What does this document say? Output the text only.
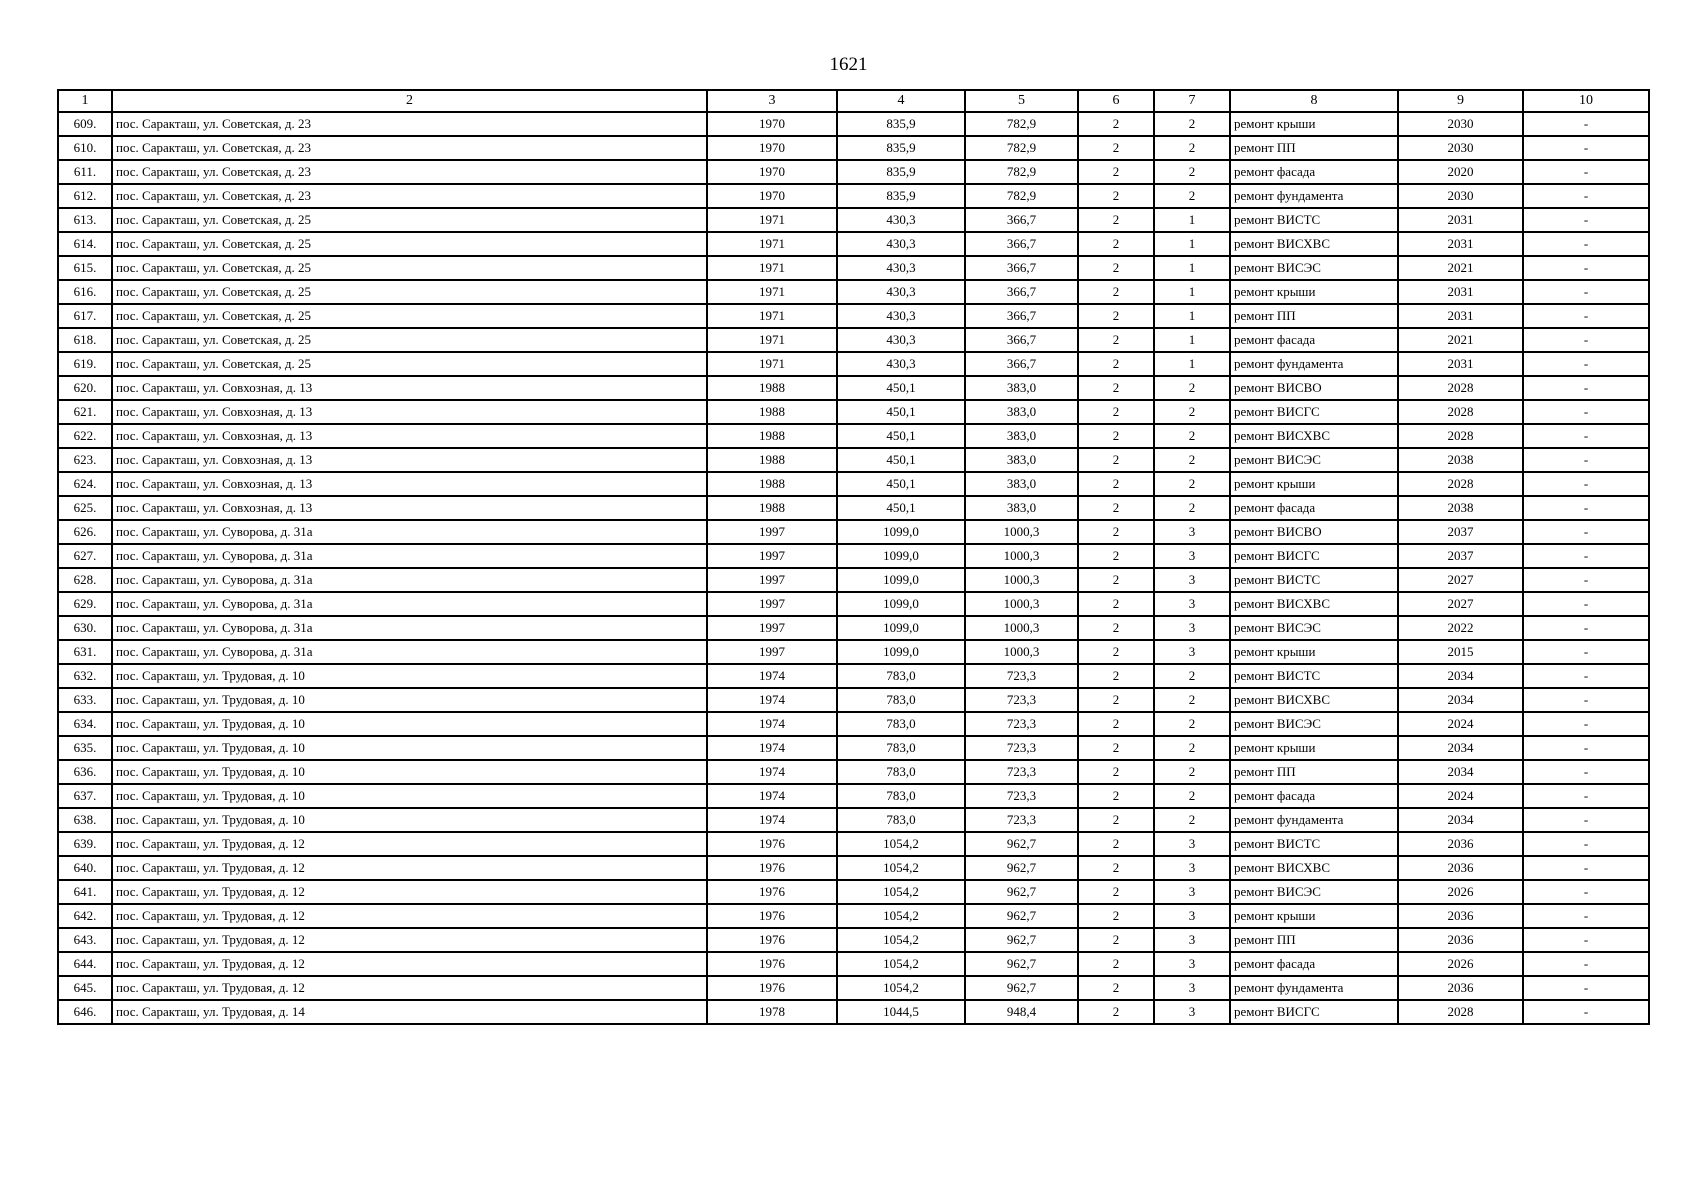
1621
1	2	3	4	5	6	7	8	9	10
609.	пос. Саракташ, ул. Советская, д. 23	1970	835,9	782,9	2	2	ремонт крыши	2030	-
610.	пос. Саракташ, ул. Советская, д. 23	1970	835,9	782,9	2	2	ремонт ПП	2030	-
611.	пос. Саракташ, ул. Советская, д. 23	1970	835,9	782,9	2	2	ремонт фасада	2020	-
612.	пос. Саракташ, ул. Советская, д. 23	1970	835,9	782,9	2	2	ремонт фундамента	2030	-
613.	пос. Саракташ, ул. Советская, д. 25	1971	430,3	366,7	2	1	ремонт ВИСТС	2031	-
614.	пос. Саракташ, ул. Советская, д. 25	1971	430,3	366,7	2	1	ремонт ВИСХВС	2031	-
615.	пос. Саракташ, ул. Советская, д. 25	1971	430,3	366,7	2	1	ремонт ВИСЭС	2021	-
616.	пос. Саракташ, ул. Советская, д. 25	1971	430,3	366,7	2	1	ремонт крыши	2031	-
617.	пос. Саракташ, ул. Советская, д. 25	1971	430,3	366,7	2	1	ремонт ПП	2031	-
618.	пос. Саракташ, ул. Советская, д. 25	1971	430,3	366,7	2	1	ремонт фасада	2021	-
619.	пос. Саракташ, ул. Советская, д. 25	1971	430,3	366,7	2	1	ремонт фундамента	2031	-
620.	пос. Саракташ, ул. Совхозная, д. 13	1988	450,1	383,0	2	2	ремонт ВИСВО	2028	-
621.	пос. Саракташ, ул. Совхозная, д. 13	1988	450,1	383,0	2	2	ремонт ВИСГС	2028	-
622.	пос. Саракташ, ул. Совхозная, д. 13	1988	450,1	383,0	2	2	ремонт ВИСХВС	2028	-
623.	пос. Саракташ, ул. Совхозная, д. 13	1988	450,1	383,0	2	2	ремонт ВИСЭС	2038	-
624.	пос. Саракташ, ул. Совхозная, д. 13	1988	450,1	383,0	2	2	ремонт крыши	2028	-
625.	пос. Саракташ, ул. Совхозная, д. 13	1988	450,1	383,0	2	2	ремонт фасада	2038	-
626.	пос. Саракташ, ул. Суворова, д. 31а	1997	1099,0	1000,3	2	3	ремонт ВИСВО	2037	-
627.	пос. Саракташ, ул. Суворова, д. 31а	1997	1099,0	1000,3	2	3	ремонт ВИСГС	2037	-
628.	пос. Саракташ, ул. Суворова, д. 31а	1997	1099,0	1000,3	2	3	ремонт ВИСТС	2027	-
629.	пос. Саракташ, ул. Суворова, д. 31а	1997	1099,0	1000,3	2	3	ремонт ВИСХВС	2027	-
630.	пос. Саракташ, ул. Суворова, д. 31а	1997	1099,0	1000,3	2	3	ремонт ВИСЭС	2022	-
631.	пос. Саракташ, ул. Суворова, д. 31а	1997	1099,0	1000,3	2	3	ремонт крыши	2015	-
632.	пос. Саракташ, ул. Трудовая, д. 10	1974	783,0	723,3	2	2	ремонт ВИСТС	2034	-
633.	пос. Саракташ, ул. Трудовая, д. 10	1974	783,0	723,3	2	2	ремонт ВИСХВС	2034	-
634.	пос. Саракташ, ул. Трудовая, д. 10	1974	783,0	723,3	2	2	ремонт ВИСЭС	2024	-
635.	пос. Саракташ, ул. Трудовая, д. 10	1974	783,0	723,3	2	2	ремонт крыши	2034	-
636.	пос. Саракташ, ул. Трудовая, д. 10	1974	783,0	723,3	2	2	ремонт ПП	2034	-
637.	пос. Саракташ, ул. Трудовая, д. 10	1974	783,0	723,3	2	2	ремонт фасада	2024	-
638.	пос. Саракташ, ул. Трудовая, д. 10	1974	783,0	723,3	2	2	ремонт фундамента	2034	-
639.	пос. Саракташ, ул. Трудовая, д. 12	1976	1054,2	962,7	2	3	ремонт ВИСТС	2036	-
640.	пос. Саракташ, ул. Трудовая, д. 12	1976	1054,2	962,7	2	3	ремонт ВИСХВС	2036	-
641.	пос. Саракташ, ул. Трудовая, д. 12	1976	1054,2	962,7	2	3	ремонт ВИСЭС	2026	-
642.	пос. Саракташ, ул. Трудовая, д. 12	1976	1054,2	962,7	2	3	ремонт крыши	2036	-
643.	пос. Саракташ, ул. Трудовая, д. 12	1976	1054,2	962,7	2	3	ремонт ПП	2036	-
644.	пос. Саракташ, ул. Трудовая, д. 12	1976	1054,2	962,7	2	3	ремонт фасада	2026	-
645.	пос. Саракташ, ул. Трудовая, д. 12	1976	1054,2	962,7	2	3	ремонт фундамента	2036	-
646.	пос. Саракташ, ул. Трудовая, д. 14	1978	1044,5	948,4	2	3	ремонт ВИСГС	2028	-
